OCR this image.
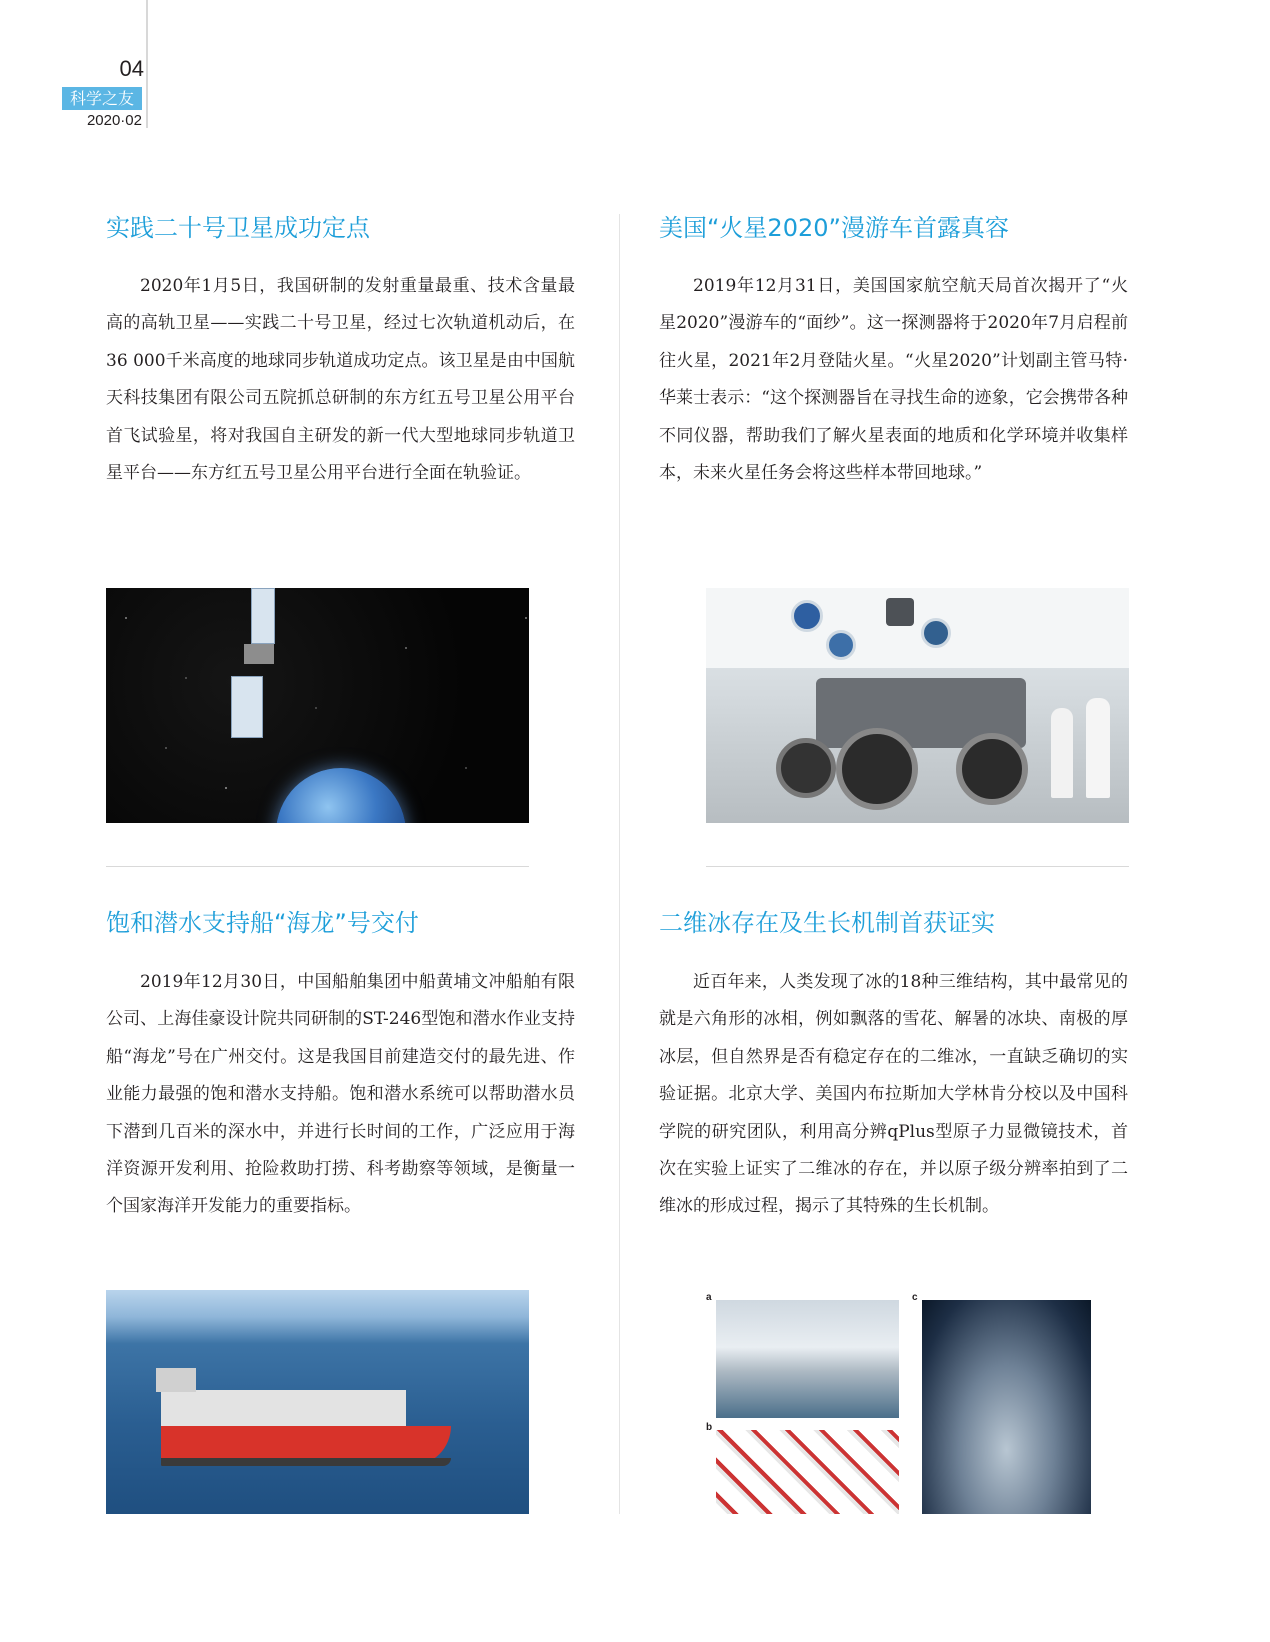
04
科学之友
2020·02
实践二十号卫星成功定点

2020年1月5日，我国研制的发射重量最重、技术含量最高的高轨卫星——实践二十号卫星，经过七次轨道机动后，在36 000千米高度的地球同步轨道成功定点。该卫星是由中国航天科技集团有限公司五院抓总研制的东方红五号卫星公用平台首飞试验星，将对我国自主研发的新一代大型地球同步轨道卫星平台——东方红五号卫星公用平台进行全面在轨验证。

美国“火星2020”漫游车首露真容

2019年12月31日，美国国家航空航天局首次揭开了“火星2020”漫游车的“面纱”。这一探测器将于2020年7月启程前往火星，2021年2月登陆火星。“火星2020”计划副主管马特·华莱士表示：“这个探测器旨在寻找生命的迹象，它会携带各种不同仪器，帮助我们了解火星表面的地质和化学环境并收集样本，未来火星任务会将这些样本带回地球。”

饱和潜水支持船“海龙”号交付

2019年12月30日，中国船舶集团中船黄埔文冲船舶有限公司、上海佳豪设计院共同研制的ST-246型饱和潜水作业支持船“海龙”号在广州交付。这是我国目前建造交付的最先进、作业能力最强的饱和潜水支持船。饱和潜水系统可以帮助潜水员下潜到几百米的深水中，并进行长时间的工作，广泛应用于海洋资源开发利用、抢险救助打捞、科考勘察等领域，是衡量一个国家海洋开发能力的重要指标。

二维冰存在及生长机制首获证实

近百年来，人类发现了冰的18种三维结构，其中最常见的就是六角形的冰相，例如飘落的雪花、解暑的冰块、南极的厚冰层，但自然界是否有稳定存在的二维冰，一直缺乏确切的实验证据。北京大学、美国内布拉斯加大学林肯分校以及中国科学院的研究团队，利用高分辨qPlus型原子力显微镜技术，首次在实验上证实了二维冰的存在，并以原子级分辨率拍到了二维冰的形成过程，揭示了其特殊的生长机制。

a
b
c
